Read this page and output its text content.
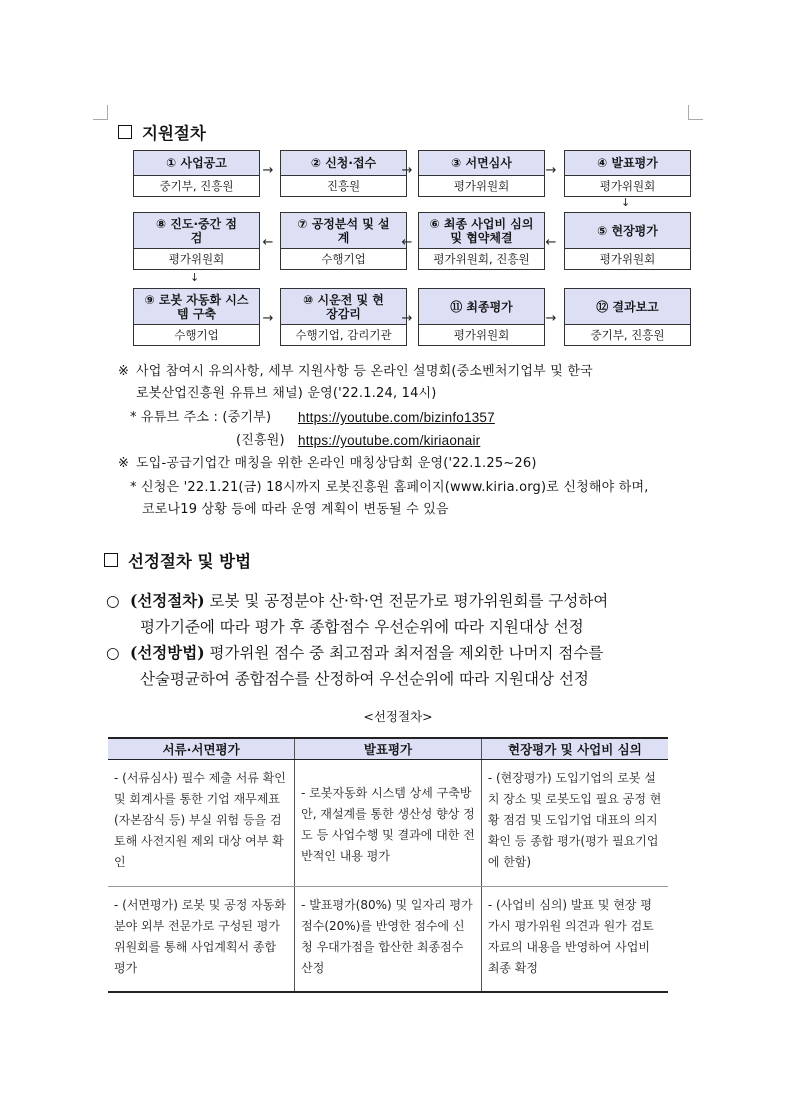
지원절차
① 사업공고
중기부, 진흥원
→	② 신청·접수
진흥원
→	③ 서면심사
평가위원회
→	④ 발표평가
평가위원회
↓
⑧ 진도·중간 점검
평가위원회
←
⑦ 공정분석 및 설계
수행기업
←
⑥ 최종 사업비 심의 및 협약체결
평가위원회, 진흥원
←
⑤ 현장평가
평가위원회
↓
⑨ 로봇 자동화 시스템 구축
수행기업
→
⑩ 시운전 및 현장감리
수행기업, 감리기관
→
⑪ 최종평가
평가위원회
→
⑫ 결과보고
중기부, 진흥원
※ 사업 참여시 유의사항, 세부 지원사항 등 온라인 설명회(중소벤처기업부 및 한국
로봇산업진흥원 유튜브 채널) 운영('22.1.24, 14시)
* 유튜브 주소 : (중기부) https://youtube.com/bizinfo1357
(진흥원) https://youtube.com/kiriaonair
※ 도입-공급기업간 매칭을 위한 온라인 매칭상담회 운영('22.1.25~26)
* 신청은 '22.1.21(금) 18시까지 로봇진흥원 홈페이지(www.kiria.org)로 신청해야 하며,
코로나19 상황 등에 따라 운영 계획이 변동될 수 있음
선정절차 및 방법
○ (선정절차) 로봇 및 공정분야 산·학·연 전문가로 평가위원회를 구성하여
평가기준에 따라 평가 후 종합점수 우선순위에 따라 지원대상 선정
○ (선정방법) 평가위원 점수 중 최고점과 최저점을 제외한 나머지 점수를
산술평균하여 종합점수를 산정하여 우선순위에 따라 지원대상 선정
<선정절차>
서류·서면평가	발표평가	현장평가 및 사업비 심의
- (서류심사) 필수 제출 서류 확인 및 회계사를 통한 기업 재무제표(자본잠식 등) 부실 위험 등을 검토해 사전지원 제외 대상 여부 확인	- 로봇자동화 시스템 상세 구축방안, 재설계를 통한 생산성 향상 정도 등 사업수행 및 결과에 대한 전반적인 내용 평가	- (현장평가) 도입기업의 로봇 설치 장소 및 로봇도입 필요 공정 현황 점검 및 도입기업 대표의 의지 확인 등 종합 평가(평가 필요기업에 한함)
- (서면평가) 로봇 및 공정 자동화 분야 외부 전문가로 구성된 평가위원회를 통해 사업계획서 종합 평가	- 발표평가(80%) 및 일자리 평가 점수(20%)를 반영한 점수에 신청 우대가점을 합산한 최종점수 산정	- (사업비 심의) 발표 및 현장 평가시 평가위원 의견과 원가 검토 자료의 내용을 반영하여 사업비 최종 확정
